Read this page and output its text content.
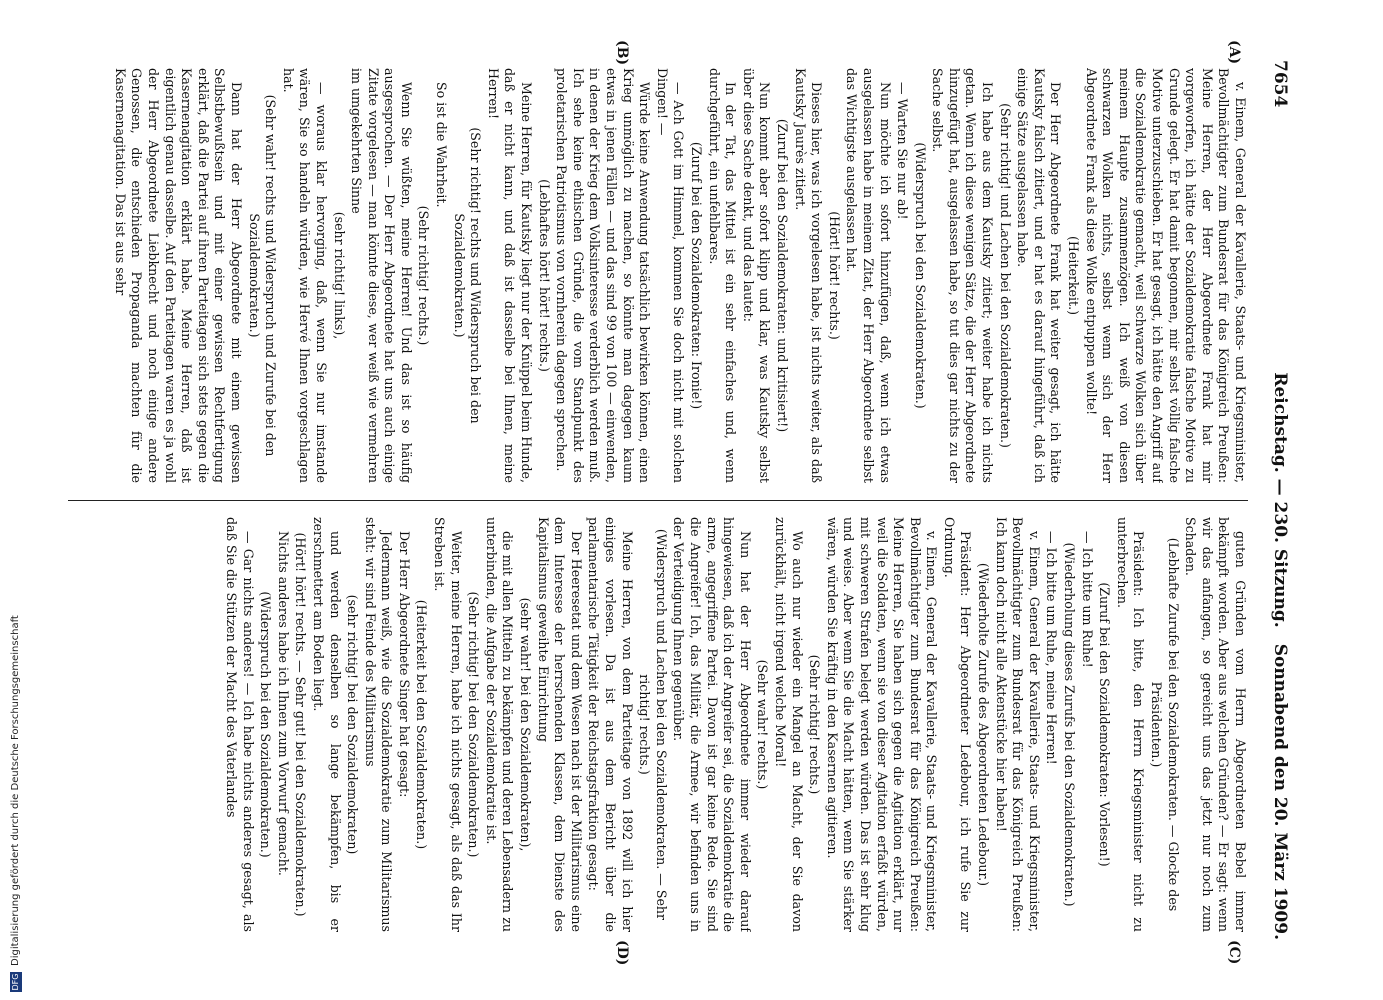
7654
Reichstag. — 230. Sitzung.
Sonnabend den 20. März 1909.
(A)
(B)
(C)
(D)

v. Einem, General der Kavallerie, Staats- und Kriegsminister, Bevollmächtigter zum Bundesrat für das Königreich Preußen: Meine Herren, der Herr Abgeordnete Frank hat mir vorgeworfen, ich hätte der Sozialdemokratie falsche Motive zu Grunde gelegt. Er hat damit begonnen, mir selbst völlig falsche Motive unterzuschieben. Er hat gesagt, ich hätte den Angriff auf die Sozialdemokratie gemacht, weil schwarze Wolken sich über meinem Haupte zusammenzögen. Ich weiß von diesen schwarzen Wolken nichts, selbst wenn sich der Herr Abgeordnete Frank als diese Wolke entpuppen wollte!

(Heiterkeit.)

Der Herr Abgeordnete Frank hat weiter gesagt, ich hätte Kautsky falsch zitiert, und er hat es darauf hingeführt, daß ich einige Sätze ausgelassen habe.

(Sehr richtig! und Lachen bei den Sozialdemokraten.)

Ich habe aus dem Kautsky zitiert; weiter habe ich nichts getan. Wenn ich diese wenigen Sätze, die der Herr Abgeordnete hinzugefügt hat, ausgelassen habe, so tut dies gar nichts zu der Sache selbst.

(Widerspruch bei den Sozialdemokraten.)

— Warten Sie nur ab!

Nun möchte ich sofort hinzufügen, daß, wenn ich etwas ausgelassen habe in meinem Zitat, der Herr Abgeordnete selbst das Wichtigste ausgelassen hat.

(Hört! hört! rechts.)

Dieses hier, was ich vorgelesen habe, ist nichts weiter, als daß Kautsky Jaurès zitiert.

(Zuruf bei den Sozialdemokraten: und kritisiert!)

Nun kommt aber sofort klipp und klar, was Kautsky selbst über diese Sache denkt, und das lautet:

In der Tat, das Mittel ist ein sehr einfaches und, wenn durchgeführt, ein unfehlbares.

(Zuruf bei den Sozialdemokraten: Ironie!)

— Ach Gott im Himmel, kommen Sie doch nicht mit solchen Dingen! —

Würde keine Anwendung tatsächlich bewirken können, einen Krieg unmöglich zu machen, so könnte man dagegen kaum etwas in jenen Fällen — und das sind 99 von 100 — einwenden, in denen der Krieg dem Volksinteresse verderblich werden muß. Ich sehe keine ethischen Gründe, die vom Standpunkt des proletarischen Patriotismus von vornherein dagegen sprechen.

(Lebhaftes hört! hört! rechts.)

Meine Herren, für Kautsky liegt nur der Knüppel beim Hunde, daß er nicht kann, und daß ist dasselbe bei Ihnen, meine Herren!

(Sehr richtig! rechts und Widerspruch bei den Sozialdemokraten.)

So ist die Wahrheit.

(Sehr richtig! rechts.)

Wenn Sie wüßten, meine Herren! Und das ist so häufig ausgesprochen. — Der Herr Abgeordnete hat uns auch einige Zitate vorgelesen — man könnte diese, wer weiß wie vermehren im umgekehrten Sinne

(sehr richtig! links),

— woraus klar hervorging, daß, wenn Sie nur imstande wären, Sie so handeln würden, wie Hervé Ihnen vorgeschlagen hat.

(Sehr wahr! rechts und Widerspruch und Zurufe bei den Sozialdemokraten.)

Dann hat der Herr Abgeordnete mit einem gewissen Selbstbewußtsein und mit einer gewissen Rechtfertigung erklärt, daß die Partei auf ihren Parteitagen sich stets gegen die Kasernenagitation erklärt habe. Meine Herren, daß ist eigentlich genau dasselbe. Auf den Parteitagen waren es ja wohl der Herr Abgeordnete Liebknecht und noch einige andere Genossen, die entschieden Propaganda machten für die Kasernenagitation. Das ist aus sehr

guten Gründen vom Herrn Abgeordneten Bebel immer bekämpft worden. Aber aus welchen Gründen? — Er sagt: wenn wir das anfangen, so gereicht uns das jetzt nur noch zum Schaden.

(Lebhafte Zurufe bei den Sozialdemokraten. — Glocke des Präsidenten.)

Präsident: Ich bitte, den Herrn Kriegsminister nicht zu unterbrechen.

(Zuruf bei den Sozialdemokraten: Vorlesen!)

— Ich bitte um Ruhe!

(Wiederholung dieses Zurufs bei den Sozialdemokraten.)

— Ich bitte um Ruhe, meine Herren!

v. Einem, General der Kavallerie, Staats- und Kriegsminister, Bevollmächtigter zum Bundesrat für das Königreich Preußen: Ich kann doch nicht alle Aktenstücke hier haben!

(Wiederholte Zurufe des Abgeordneten Ledebour.)

Präsident: Herr Abgeordneter Ledebour, ich rufe Sie zur Ordnung.

v. Einem, General der Kavallerie, Staats- und Kriegsminister, Bevollmächtigter zum Bundesrat für das Königreich Preußen: Meine Herren, Sie haben sich gegen die Agitation erklärt, nur weil die Soldaten, wenn sie von dieser Agitation erfaßt würden, mit schweren Strafen belegt werden würden. Das ist sehr klug und weise. Aber wenn Sie die Macht hätten, wenn Sie stärker wären, würden Sie kräftig in den Kasernen agitieren.

(Sehr richtig! rechts.)

Wo auch nur wieder ein Mangel an Macht, der Sie davon zurückhält, nicht irgend welche Moral!

(Sehr wahr! rechts.)

Nun hat der Herr Abgeordnete immer wieder darauf hingewiesen, daß ich der Angreifer sei, die Sozialdemokratie die arme, angegriffene Partei. Davon ist gar keine Rede. Sie sind die Angreifer! Ich, das Militär, die Armee, wir befinden uns in der Verteidigung Ihnen gegenüber.

(Widerspruch und Lachen bei den Sozialdemokraten. — Sehr richtig! rechts.)

Meine Herren, von dem Parteitage von 1892 will ich hier einiges vorlesen. Da ist aus dem Bericht über die parlamentarische Tätigkeit der Reichstagsfraktion gesagt:

Der Heeresetat und dem Wesen nach ist der Militarismus eine dem Interesse der herrschenden Klassen, dem Dienste des Kapitalismus geweihte Einrichtung

(sehr wahr! bei den Sozialdemokraten),

die mit allen Mitteln zu bekämpfen und deren Lebensadern zu unterbinden, die Aufgabe der Sozialdemokratie ist.

(Sehr richtig! bei den Sozialdemokraten.)

Weiter, meine Herren, habe ich nichts gesagt, als daß das Ihr Streben ist.

(Heiterkeit bei den Sozialdemokraten.)

Der Herr Abgeordnete Singer hat gesagt:

Jedermann weiß, wie die Sozialdemokratie zum Militarismus steht: wir sind Feinde des Militarismus

(sehr richtig! bei den Sozialdemokraten)

und werden denselben so lange bekämpfen, bis er zerschmettert am Boden liegt.

(Hört! hört! rechts. — Sehr gut! bei den Sozialdemokraten.)

Nichts anderes habe ich Ihnen zum Vorwurf gemacht.

(Widerspruch bei den Sozialdemokraten.)

— Gar nichts anderes! — Ich habe nichts anderes gesagt, als daß Sie die Stützen der Macht des Vaterlandes

DFG
Digitalisierung gefördert durch die Deutsche Forschungsgemeinschaft
